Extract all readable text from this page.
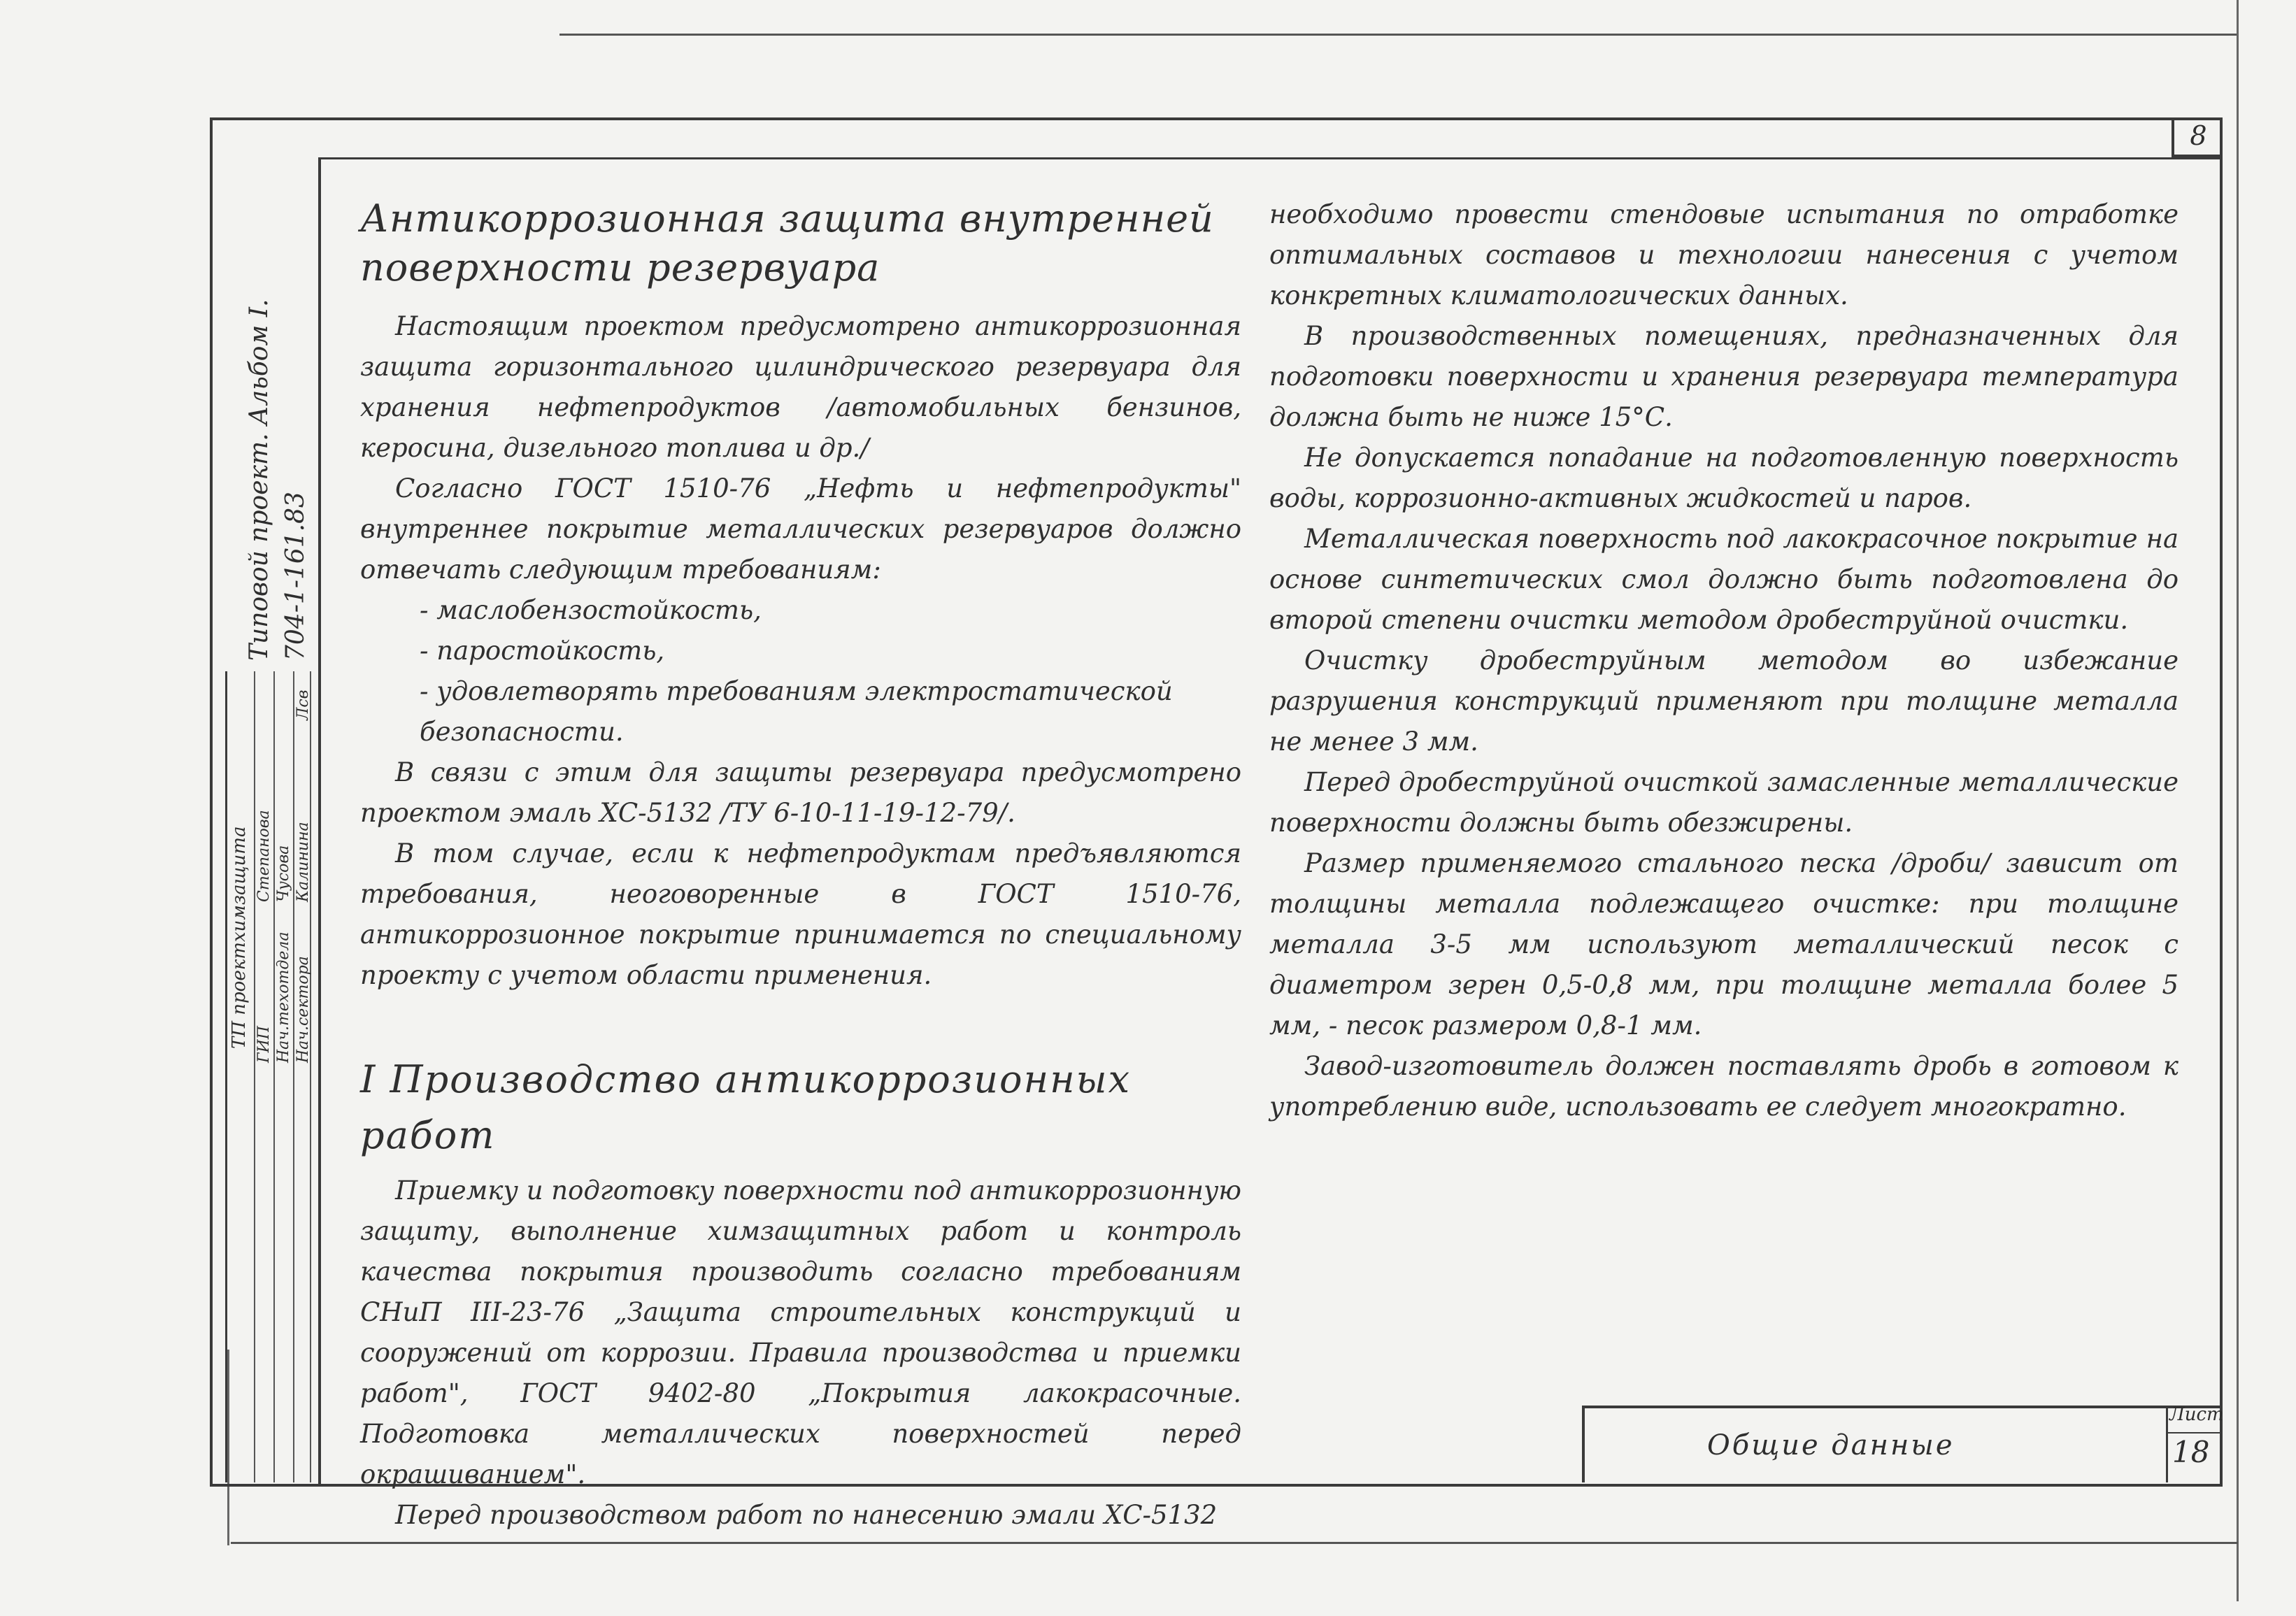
8
Типовой проект. Альбом I. 704-1-161.83
ТП проектхимзащита ГИП Нач.техотдела Нач.сектора
Степанова Чусова Калинина
Лсв
Антикоррозионная защита внутренней поверхности резервуара

Настоящим проектом предусмотрено антикоррозионная защита горизонтального цилиндрического резервуара для хранения нефтепродуктов /автомобильных бензинов, керосина, дизельного топлива и др./

Согласно ГОСТ 1510-76 „Нефть и нефтепродукты" внутреннее покрытие металлических резервуаров должно отвечать следующим требованиям:

- маслобензостойкость,
- паростойкость,
- удовлетворять требованиям электростатической безопасности.

В связи с этим для защиты резервуара предусмотрено проектом эмаль ХС-5132 /ТУ 6-10-11-19-12-79/.

В том случае, если к нефтепродуктам предъявляются требования, неоговоренные в ГОСТ 1510-76, антикоррозионное покрытие принимается по специальному проекту с учетом области применения.

I Производство антикоррозионных работ

Приемку и подготовку поверхности под антикоррозионную защиту, выполнение химзащитных работ и контроль качества покрытия производить согласно требованиям СНиП III-23-76 „Защита строительных конструкций и сооружений от коррозии. Правила производства и приемки работ", ГОСТ 9402-80 „Покрытия лакокрасочные. Подготовка металлических поверхностей перед окрашиванием".

Перед производством работ по нанесению эмали ХС-5132

необходимо провести стендовые испытания по отработке оптимальных составов и технологии нанесения с учетом конкретных климатологических данных.

В производственных помещениях, предназначенных для подготовки поверхности и хранения резервуара температура должна быть не ниже 15°С.

Не допускается попадание на подготовленную поверхность воды, коррозионно-активных жидкостей и паров.

Металлическая поверхность под лакокрасочное покрытие на основе синтетических смол должно быть подготовлена до второй степени очистки методом дробеструйной очистки.

Очистку дробеструйным методом во избежание разрушения конструкций применяют при толщине металла не менее 3 мм.

Перед дробеструйной очисткой замасленные металлические поверхности должны быть обезжирены.

Размер применяемого стального песка /дроби/ зависит от толщины металла подлежащего очистке: при толщине металла 3-5 мм используют металлический песок с диаметром зерен 0,5-0,8 мм, при толщине металла более 5 мм, - песок размером 0,8-1 мм.

Завод-изготовитель должен поставлять дробь в готовом к употреблению виде, использовать ее следует многократно.

Общие данные
Лист
18
